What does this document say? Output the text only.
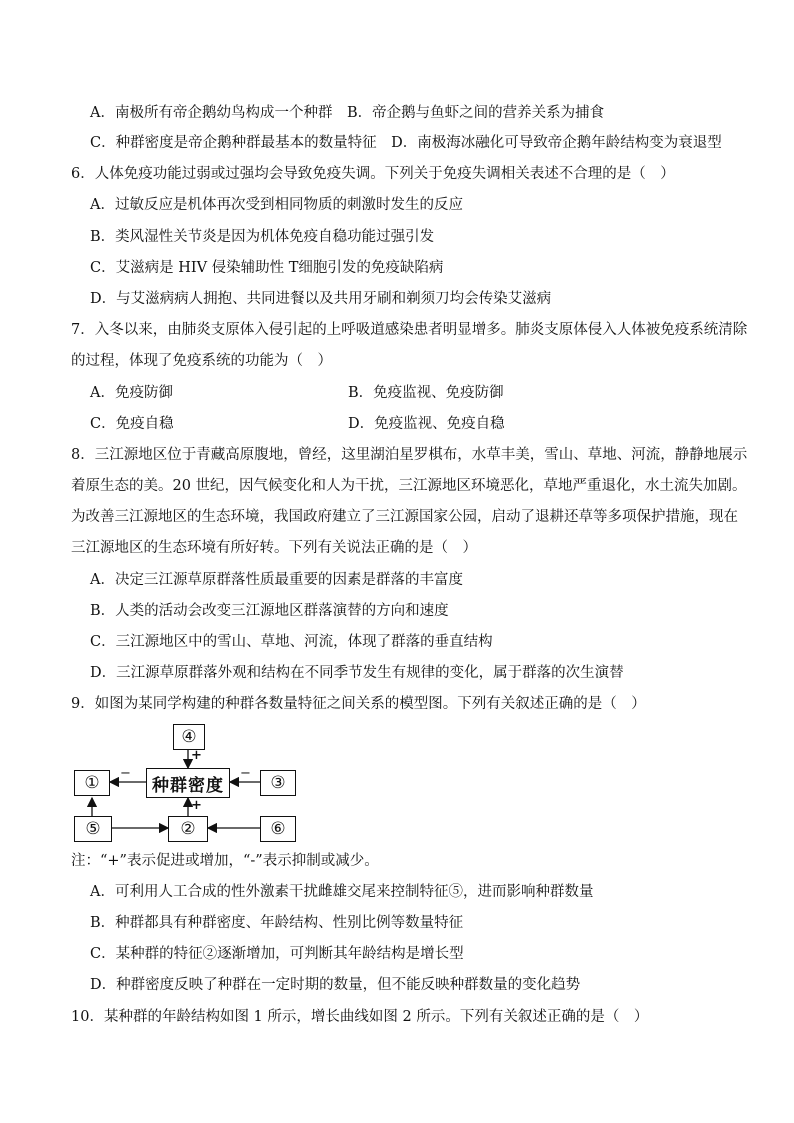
A．南极所有帝企鹅幼鸟构成一个种群 B．帝企鹅与鱼虾之间的营养关系为捕食
C．种群密度是帝企鹅种群最基本的数量特征　D．南极海冰融化可导致帝企鹅年龄结构变为衰退型
6．人体免疫功能过弱或过强均会导致免疫失调。下列关于免疫失调相关表述不合理的是（　）
A．过敏反应是机体再次受到相同物质的刺激时发生的反应
B．类风湿性关节炎是因为机体免疫自稳功能过强引发
C．艾滋病是 HIV 侵染辅助性 T细胞引发的免疫缺陷病
D．与艾滋病病人拥抱、共同进餐以及共用牙刷和剃须刀均会传染艾滋病
7．入冬以来，由肺炎支原体入侵引起的上呼吸道感染患者明显增多。肺炎支原体侵入人体被免疫系统清除
的过程，体现了免疫系统的功能为（　）
A．免疫防御	B．免疫监视、免疫防御
C．免疫自稳	D．免疫监视、免疫自稳
8．三江源地区位于青藏高原腹地，曾经，这里湖泊星罗棋布，水草丰美，雪山、草地、河流，静静地展示
着原生态的美。20 世纪，因气候变化和人为干扰，三江源地区环境恶化，草地严重退化，水土流失加剧。
为改善三江源地区的生态环境，我国政府建立了三江源国家公园，启动了退耕还草等多项保护措施，现在
三江源地区的生态环境有所好转。下列有关说法正确的是（　）
A．决定三江源草原群落性质最重要的因素是群落的丰富度
B．人类的活动会改变三江源地区群落演替的方向和速度
C．三江源地区中的雪山、草地、河流，体现了群落的垂直结构
D．三江源草原群落外观和结构在不同季节发生有规律的变化，属于群落的次生演替
9．如图为某同学构建的种群各数量特征之间关系的模型图。下列有关叙述正确的是（　）
④
种群密度
①	③
⑤	②	⑥
+
−	−
+
注：“+”表示促进或增加，“-”表示抑制或减少。
A．可利用人工合成的性外激素干扰雌雄交尾来控制特征⑤，进而影响种群数量
B．种群都具有种群密度、年龄结构、性别比例等数量特征
C．某种群的特征②逐渐增加，可判断其年龄结构是增长型
D．种群密度反映了种群在一定时期的数量，但不能反映种群数量的变化趋势
10．某种群的年龄结构如图 1 所示，增长曲线如图 2 所示。下列有关叙述正确的是（　）
